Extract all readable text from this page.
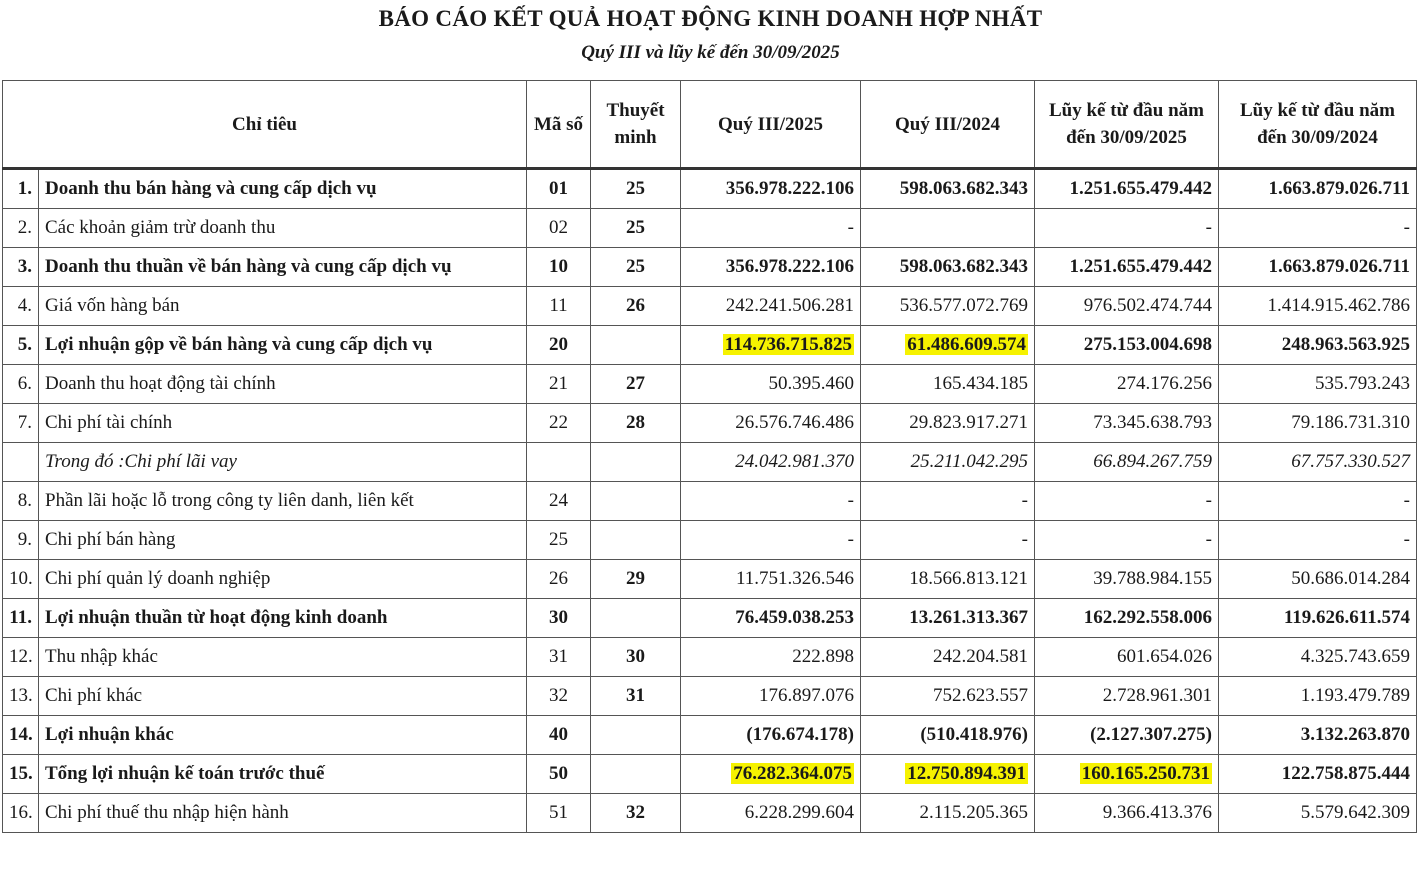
BÁO CÁO KẾT QUẢ HOẠT ĐỘNG KINH DOANH HỢP NHẤT
Quý III và lũy kế đến 30/09/2025
Chỉ tiêu		Mã số	Thuyết minh	Quý III/2025	Quý III/2024	Lũy kế từ đầu năm đến 30/09/2025	Lũy kế từ đầu năm đến 30/09/2024
1.	Doanh thu bán hàng và cung cấp dịch vụ	01	25	356.978.222.106	598.063.682.343	1.251.655.479.442	1.663.879.026.711
2.	Các khoản giảm trừ doanh thu	02	25	-		-	-
3.	Doanh thu thuần về bán hàng và cung cấp dịch vụ	10	25	356.978.222.106	598.063.682.343	1.251.655.479.442	1.663.879.026.711
4.	Giá vốn hàng bán	11	26	242.241.506.281	536.577.072.769	976.502.474.744	1.414.915.462.786
5.	Lợi nhuận gộp về bán hàng và cung cấp dịch vụ	20		114.736.715.825	61.486.609.574	275.153.004.698	248.963.563.925
6.	Doanh thu hoạt động tài chính	21	27	50.395.460	165.434.185	274.176.256	535.793.243
7.	Chi phí tài chính	22	28	26.576.746.486	29.823.917.271	73.345.638.793	79.186.731.310
	Trong đó :Chi phí lãi vay			24.042.981.370	25.211.042.295	66.894.267.759	67.757.330.527
8.	Phần lãi hoặc lỗ trong công ty liên danh, liên kết	24		-	-	-	-
9.	Chi phí bán hàng	25		-	-	-	-
10.	Chi phí quản lý doanh nghiệp	26	29	11.751.326.546	18.566.813.121	39.788.984.155	50.686.014.284
11.	Lợi nhuận thuần từ hoạt động kinh doanh	30		76.459.038.253	13.261.313.367	162.292.558.006	119.626.611.574
12.	Thu nhập khác	31	30	222.898	242.204.581	601.654.026	4.325.743.659
13.	Chi phí khác	32	31	176.897.076	752.623.557	2.728.961.301	1.193.479.789
14.	Lợi nhuận khác	40		(176.674.178)	(510.418.976)	(2.127.307.275)	3.132.263.870
15.	Tổng lợi nhuận kế toán trước thuế	50		76.282.364.075	12.750.894.391	160.165.250.731	122.758.875.444
16.	Chi phí thuế thu nhập hiện hành	51	32	6.228.299.604	2.115.205.365	9.366.413.376	5.579.642.309
